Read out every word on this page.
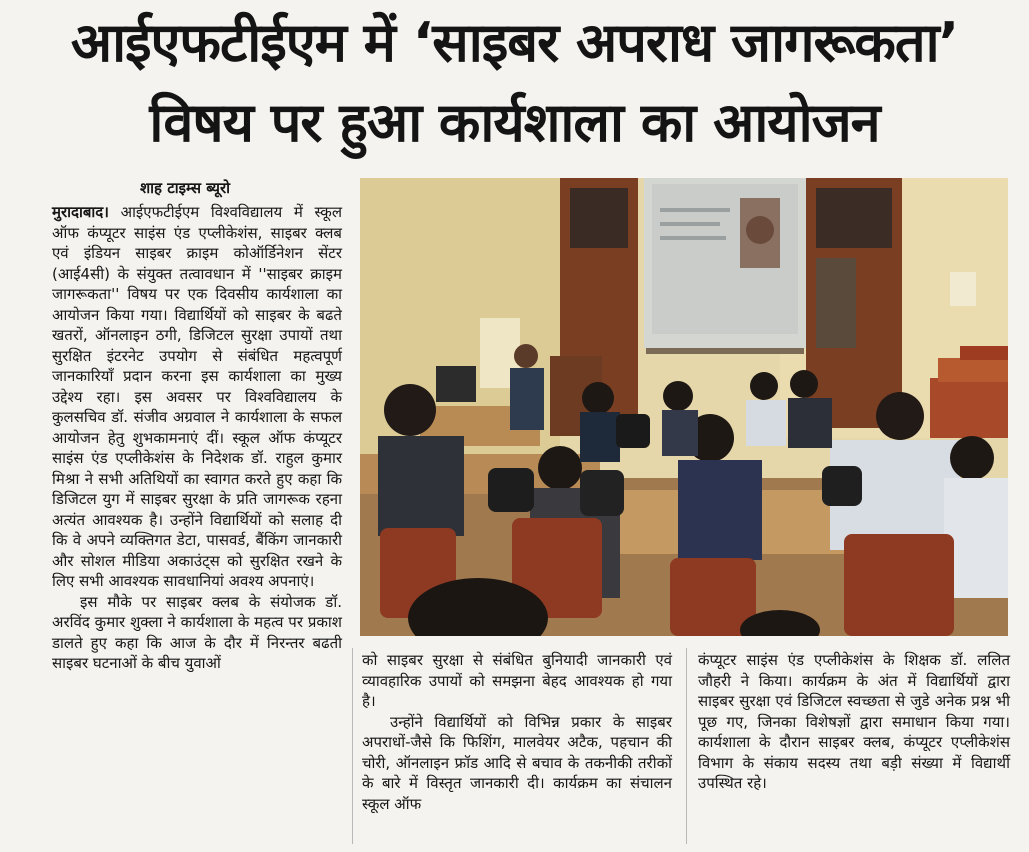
आईएफटीईएम में ‘साइबर अपराध जागरूकता’
विषय पर हुआ कार्यशाला का आयोजन
शाह टाइम्स ब्यूरो

मुरादाबाद। आईएफटीईएम विश्वविद्यालय में स्कूल ऑफ कंप्यूटर साइंस एंड एप्लीकेशंस, साइबर क्लब एवं इंडियन साइबर क्राइम कोऑर्डिनेशन सेंटर (आई4सी) के संयुक्त तत्वावधान में ''साइबर क्राइम जागरूकता'' विषय पर एक दिवसीय कार्यशाला का आयोजन किया गया। विद्यार्थियों को साइबर के बढते खतरों, ऑनलाइन ठगी, डिजिटल सुरक्षा उपायों तथा सुरक्षित इंटरनेट उपयोग से संबंधित महत्वपूर्ण जानकारियाँ प्रदान करना इस कार्यशाला का मुख्य उद्देश्य रहा। इस अवसर पर विश्वविद्यालय के कुलसचिव डॉ. संजीव अग्रवाल ने कार्यशाला के सफल आयोजन हेतु शुभकामनाएं दीं। स्कूल ऑफ कंप्यूटर साइंस एंड एप्लीकेशंस के निदेशक डॉ. राहुल कुमार मिश्रा ने सभी अतिथियों का स्वागत करते हुए कहा कि डिजिटल युग में साइबर सुरक्षा के प्रति जागरूक रहना अत्यंत आवश्यक है। उन्होंने विद्यार्थियों को सलाह दी कि वे अपने व्यक्तिगत डेटा, पासवर्ड, बैंकिंग जानकारी और सोशल मीडिया अकाउंट्स को सुरक्षित रखने के लिए सभी आवश्यक सावधानियां अवश्य अपनाएं।

इस मौके पर साइबर क्लब के संयोजक डॉ. अरविंद कुमार शुक्ला ने कार्यशाला के महत्व पर प्रकाश डालते हुए कहा कि आज के दौर में निरन्तर बढती साइबर घटनाओं के बीच युवाओं	को साइबर सुरक्षा से संबंधित बुनियादी जानकारी एवं व्यावहारिक उपायों को समझना बेहद आवश्यक हो गया है।

उन्होंने विद्यार्थियों को विभिन्न प्रकार के साइबर अपराधों-जैसे कि फिशिंग, मालवेयर अटैक, पहचान की चोरी, ऑनलाइन फ्रॉड आदि से बचाव के तकनीकी तरीकों के बारे में विस्तृत जानकारी दी। कार्यक्रम का संचालन स्कूल ऑफ

कंप्यूटर साइंस एंड एप्लीकेशंस के शिक्षक डॉ. ललित जौहरी ने किया। कार्यक्रम के अंत में विद्यार्थियों द्वारा साइबर सुरक्षा एवं डिजिटल स्वच्छता से जुडे अनेक प्रश्न भी पूछ गए, जिनका विशेषज्ञों द्वारा समाधान किया गया। कार्यशाला के दौरान साइबर क्लब, कंप्यूटर एप्लीकेशंस विभाग के संकाय सदस्य तथा बड़ी संख्या में विद्यार्थी उपस्थित रहे।
